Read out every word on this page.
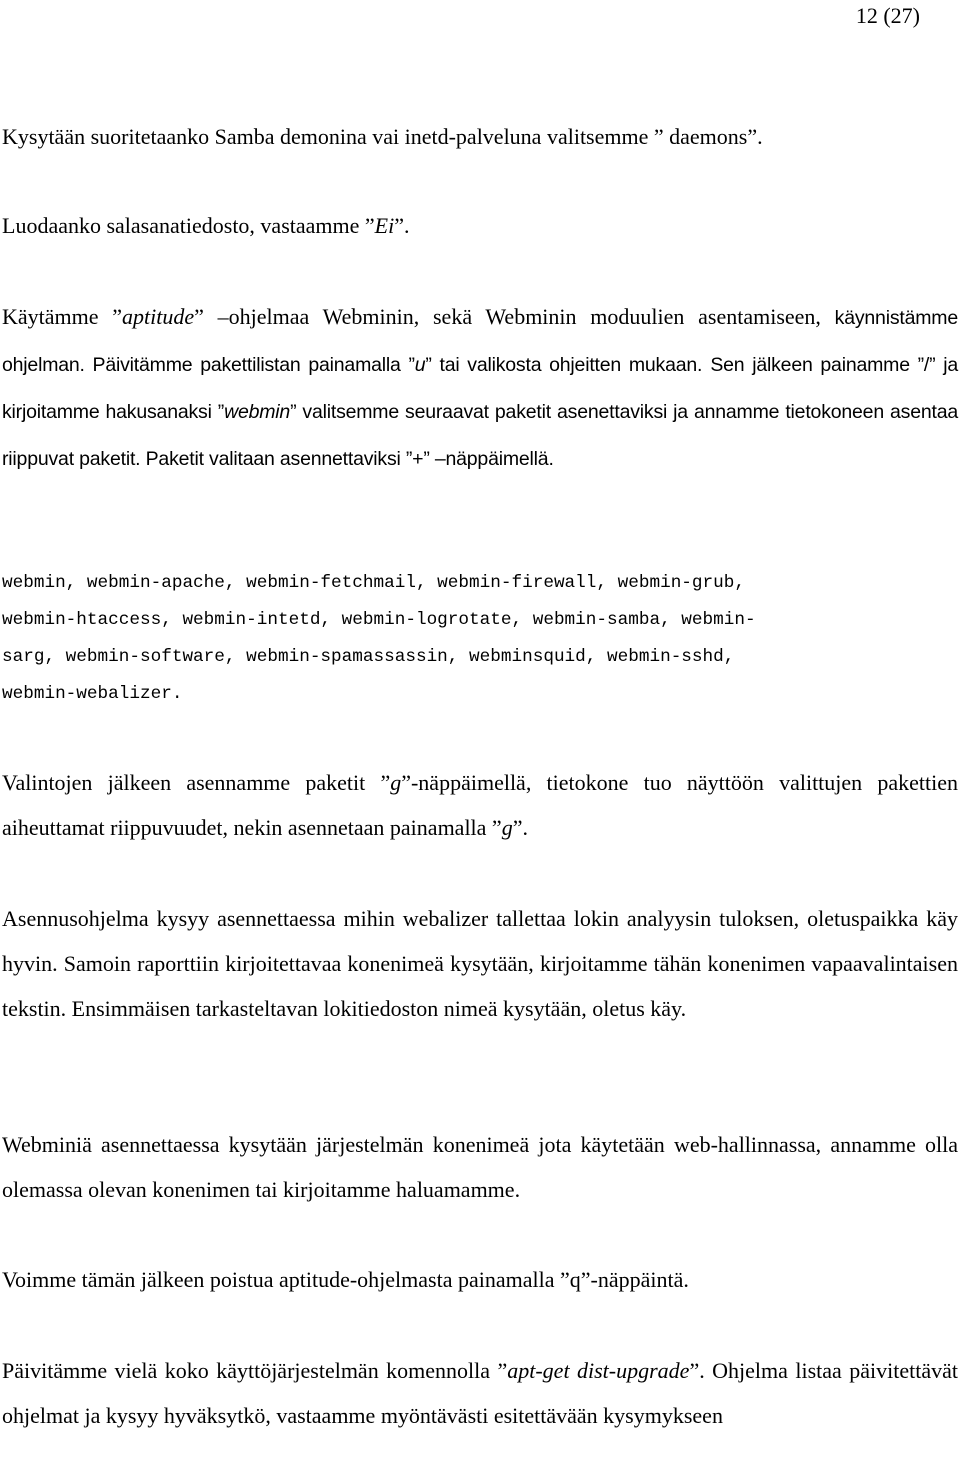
12 (27)

Kysytään suoritetaanko Samba demonina vai inetd-palveluna valitsemme ” daemons”.

Luodaanko salasanatiedosto, vastaamme ”Ei”.

Käytämme ”aptitude” –ohjelmaa Webminin, sekä Webminin moduulien asentamiseen, käynnistämme ohjelman. Päivitämme pakettilistan painamalla ”u” tai valikosta ohjeitten mukaan. Sen jälkeen painamme ”/” ja kirjoitamme hakusanaksi ”webmin” valitsemme seuraavat paketit asenettaviksi ja annamme tietokoneen asentaa riippuvat paketit. Paketit valitaan asennettaviksi ”+” –näppäimellä.

webmin, webmin-apache, webmin-fetchmail, webmin-firewall, webmin-grub,
webmin-htaccess, webmin-intetd, webmin-logrotate, webmin-samba, webmin-
sarg, webmin-software, webmin-spamassassin, webminsquid, webmin-sshd,
webmin-webalizer.

Valintojen jälkeen asennamme paketit ”g”-näppäimellä, tietokone tuo näyttöön valittujen pakettien aiheuttamat riippuvuudet, nekin asennetaan painamalla ”g”.

Asennusohjelma kysyy asennettaessa mihin webalizer tallettaa lokin analyysin tuloksen, oletuspaikka käy hyvin. Samoin raporttiin kirjoitettavaa konenimeä kysytään, kirjoitamme tähän konenimen vapaavalintaisen tekstin. Ensimmäisen tarkasteltavan lokitiedoston nimeä kysytään, oletus käy.

Webminiä asennettaessa kysytään järjestelmän konenimeä jota käytetään web-hallinnassa, annamme olla olemassa olevan konenimen tai kirjoitamme haluamamme.

Voimme tämän jälkeen poistua aptitude-ohjelmasta painamalla ”q”-näppäintä.

Päivitämme vielä koko käyttöjärjestelmän komennolla ”apt-get dist-upgrade”. Ohjelma listaa päivitettävät ohjelmat ja kysyy hyväksytkö, vastaamme myöntävästi esitettävään kysymykseen
